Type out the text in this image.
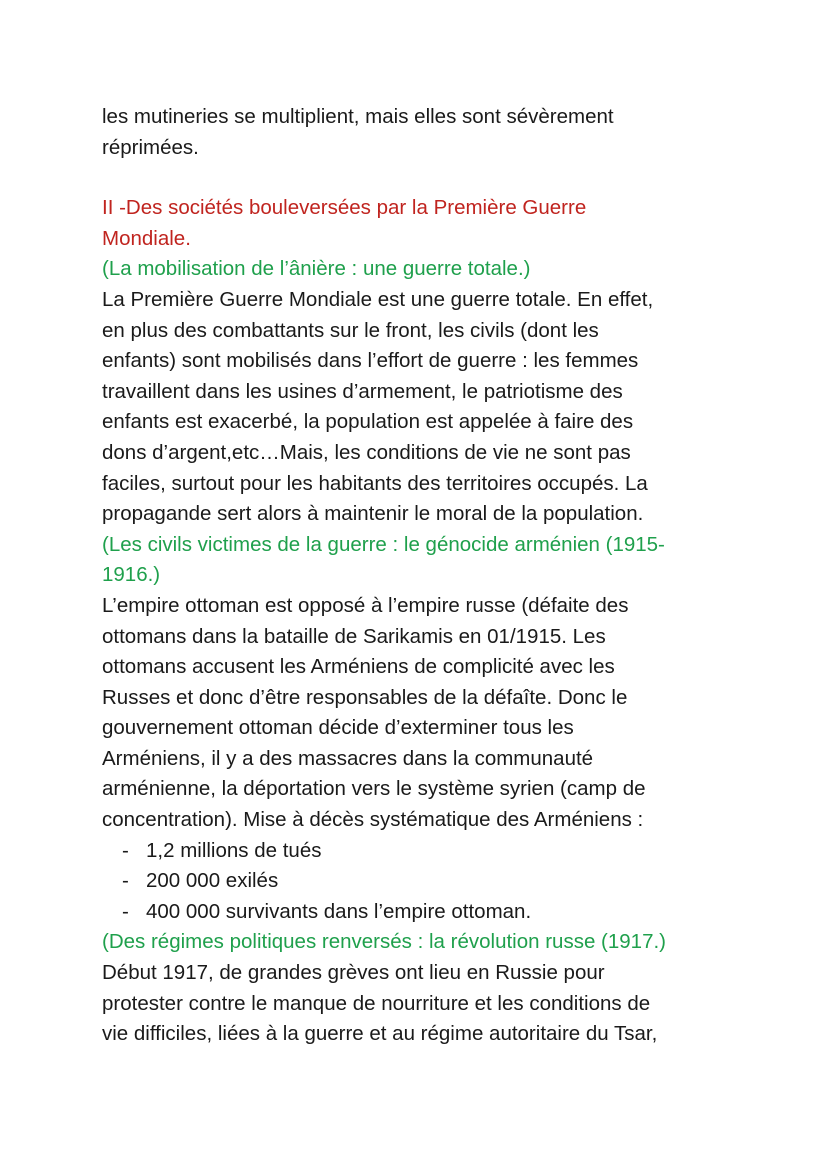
les mutineries se multiplient, mais elles sont sévèrement
réprimées.
II -Des sociétés bouleversées par la Première Guerre
Mondiale.
(La mobilisation de l’ânière : une guerre totale.)
La Première Guerre Mondiale est une guerre totale. En effet,
en plus des combattants sur le front, les civils (dont les
enfants) sont mobilisés dans l’effort de guerre : les femmes
travaillent dans les usines d’armement, le patriotisme des
enfants est exacerbé, la population est appelée à faire des
dons d’argent,etc…Mais, les conditions de vie ne sont pas
faciles, surtout pour les habitants des territoires occupés. La
propagande sert alors à maintenir le moral de la population.
(Les civils victimes de la guerre : le génocide arménien (1915-
1916.)
L’empire ottoman est opposé à l’empire russe (défaite des
ottomans dans la bataille de Sarikamis en 01/1915. Les
ottomans accusent les Arméniens de complicité avec les
Russes et donc d’être responsables de la défaîte. Donc le
gouvernement ottoman décide d’exterminer tous les
Arméniens, il y a des massacres dans la communauté
arménienne, la déportation vers le système syrien (camp de
concentration). Mise à décès systématique des Arméniens :
- 1,2 millions de tués
- 200 000 exilés
- 400 000 survivants dans l’empire ottoman.
(Des régimes politiques renversés : la révolution russe (1917.)
Début 1917, de grandes grèves ont lieu en Russie pour
protester contre le manque de nourriture et les conditions de
vie difficiles, liées à la guerre et au régime autoritaire du Tsar,
